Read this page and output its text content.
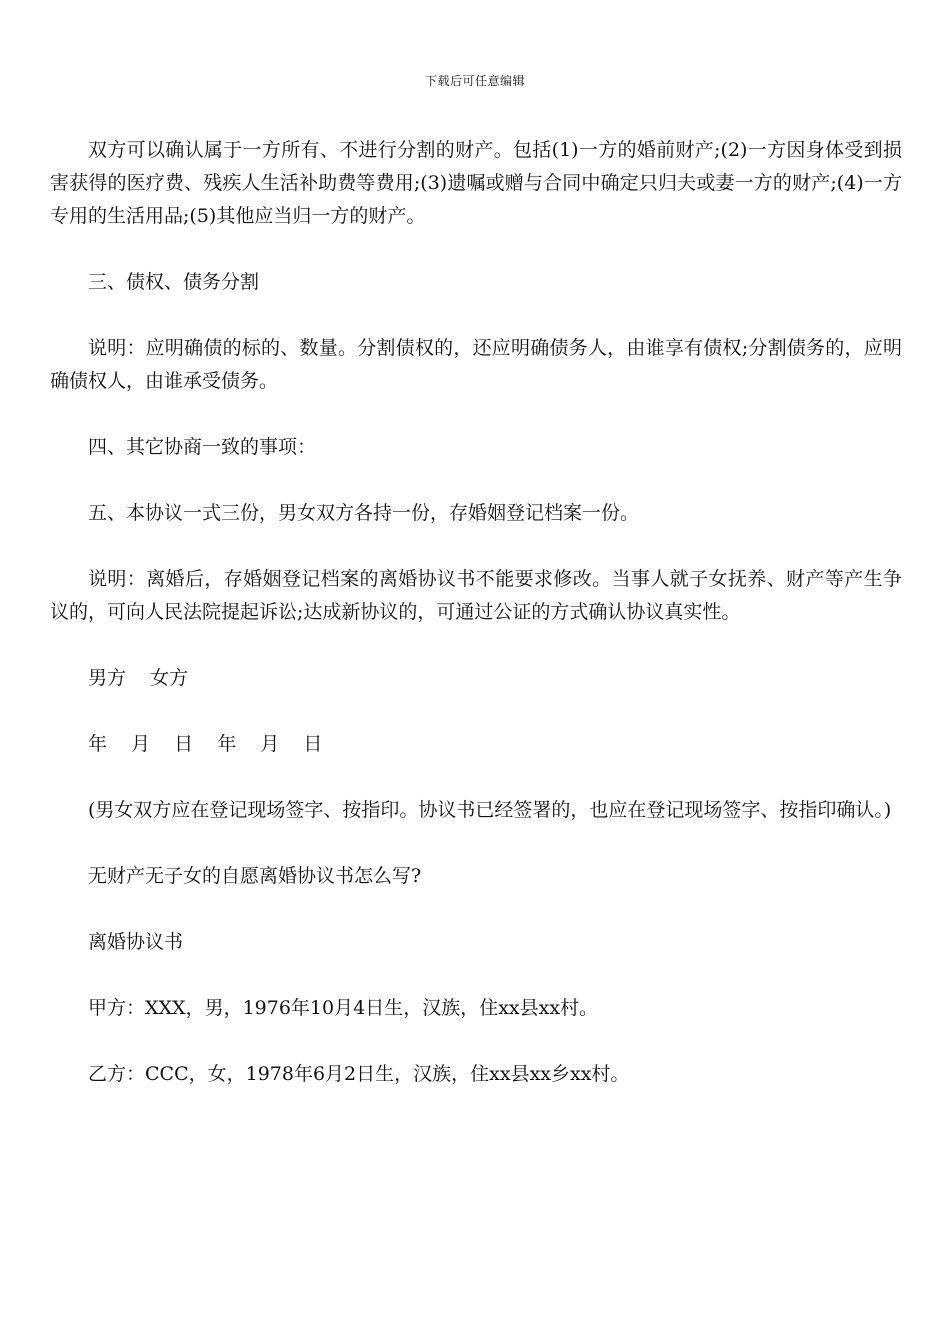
下载后可任意编辑

双方可以确认属于一方所有、不进行分割的财产。包括(1)一方的婚前财产;(2)一方因身体受到损害获得的医疗费、残疾人生活补助费等费用;(3)遗嘱或赠与合同中确定只归夫或妻一方的财产;(4)一方专用的生活用品;(5)其他应当归一方的财产。

三、债权、债务分割

说明：应明确债的标的、数量。分割债权的，还应明确债务人，由谁享有债权;分割债务的，应明确债权人，由谁承受债务。

四、其它协商一致的事项：

五、本协议一式三份，男女双方各持一份，存婚姻登记档案一份。

说明：离婚后，存婚姻登记档案的离婚协议书不能要求修改。当事人就子女抚养、财产等产生争议的，可向人民法院提起诉讼;达成新协议的，可通过公证的方式确认协议真实性。

男方  女方

年  月  日  年  月  日

(男女双方应在登记现场签字、按指印。协议书已经签署的，也应在登记现场签字、按指印确认。)

无财产无子女的自愿离婚协议书怎么写?

离婚协议书

甲方：XXX，男，1976年10月4日生，汉族，住xx县xx村。

乙方：CCC，女，1978年6月2日生，汉族，住xx县xx乡xx村。
